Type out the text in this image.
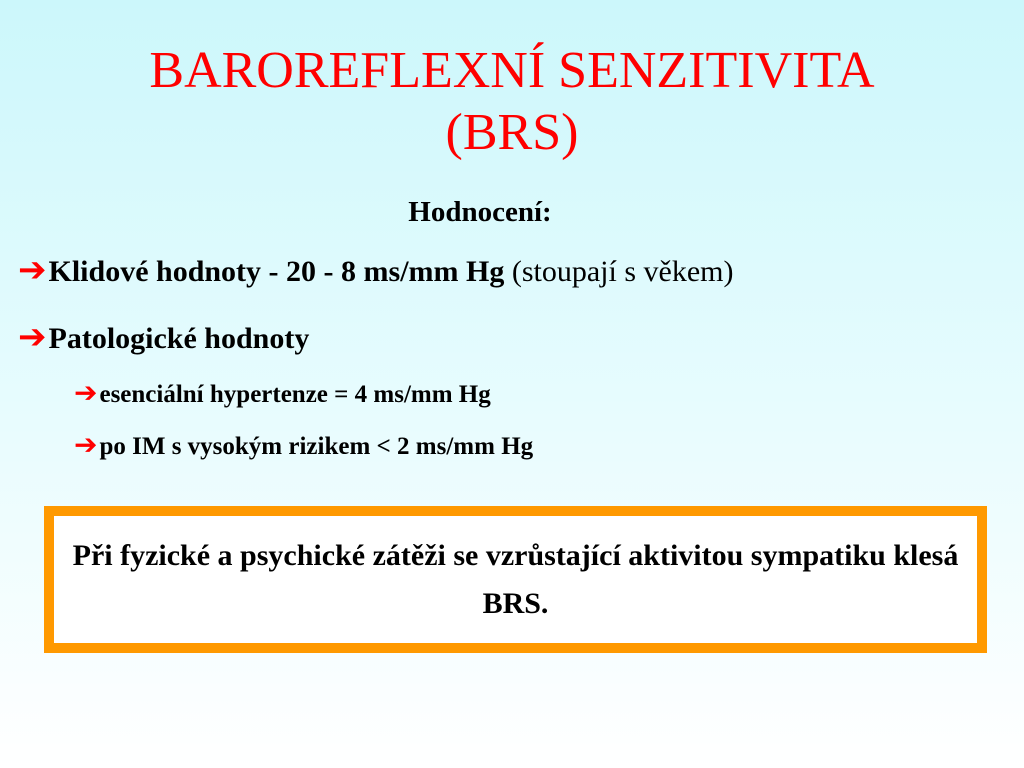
BAROREFLEXNÍ SENZITIVITA
(BRS)
Hodnocení:
➔ Klidové hodnoty - 20 - 8 ms/mm Hg (stoupají s věkem)
➔ Patologické hodnoty
➔ esenciální hypertenze = 4 ms/mm Hg
➔ po IM s vysokým rizikem < 2 ms/mm Hg
Při fyzické a psychické zátěži se vzrůstající aktivitou sympatiku klesá BRS.
